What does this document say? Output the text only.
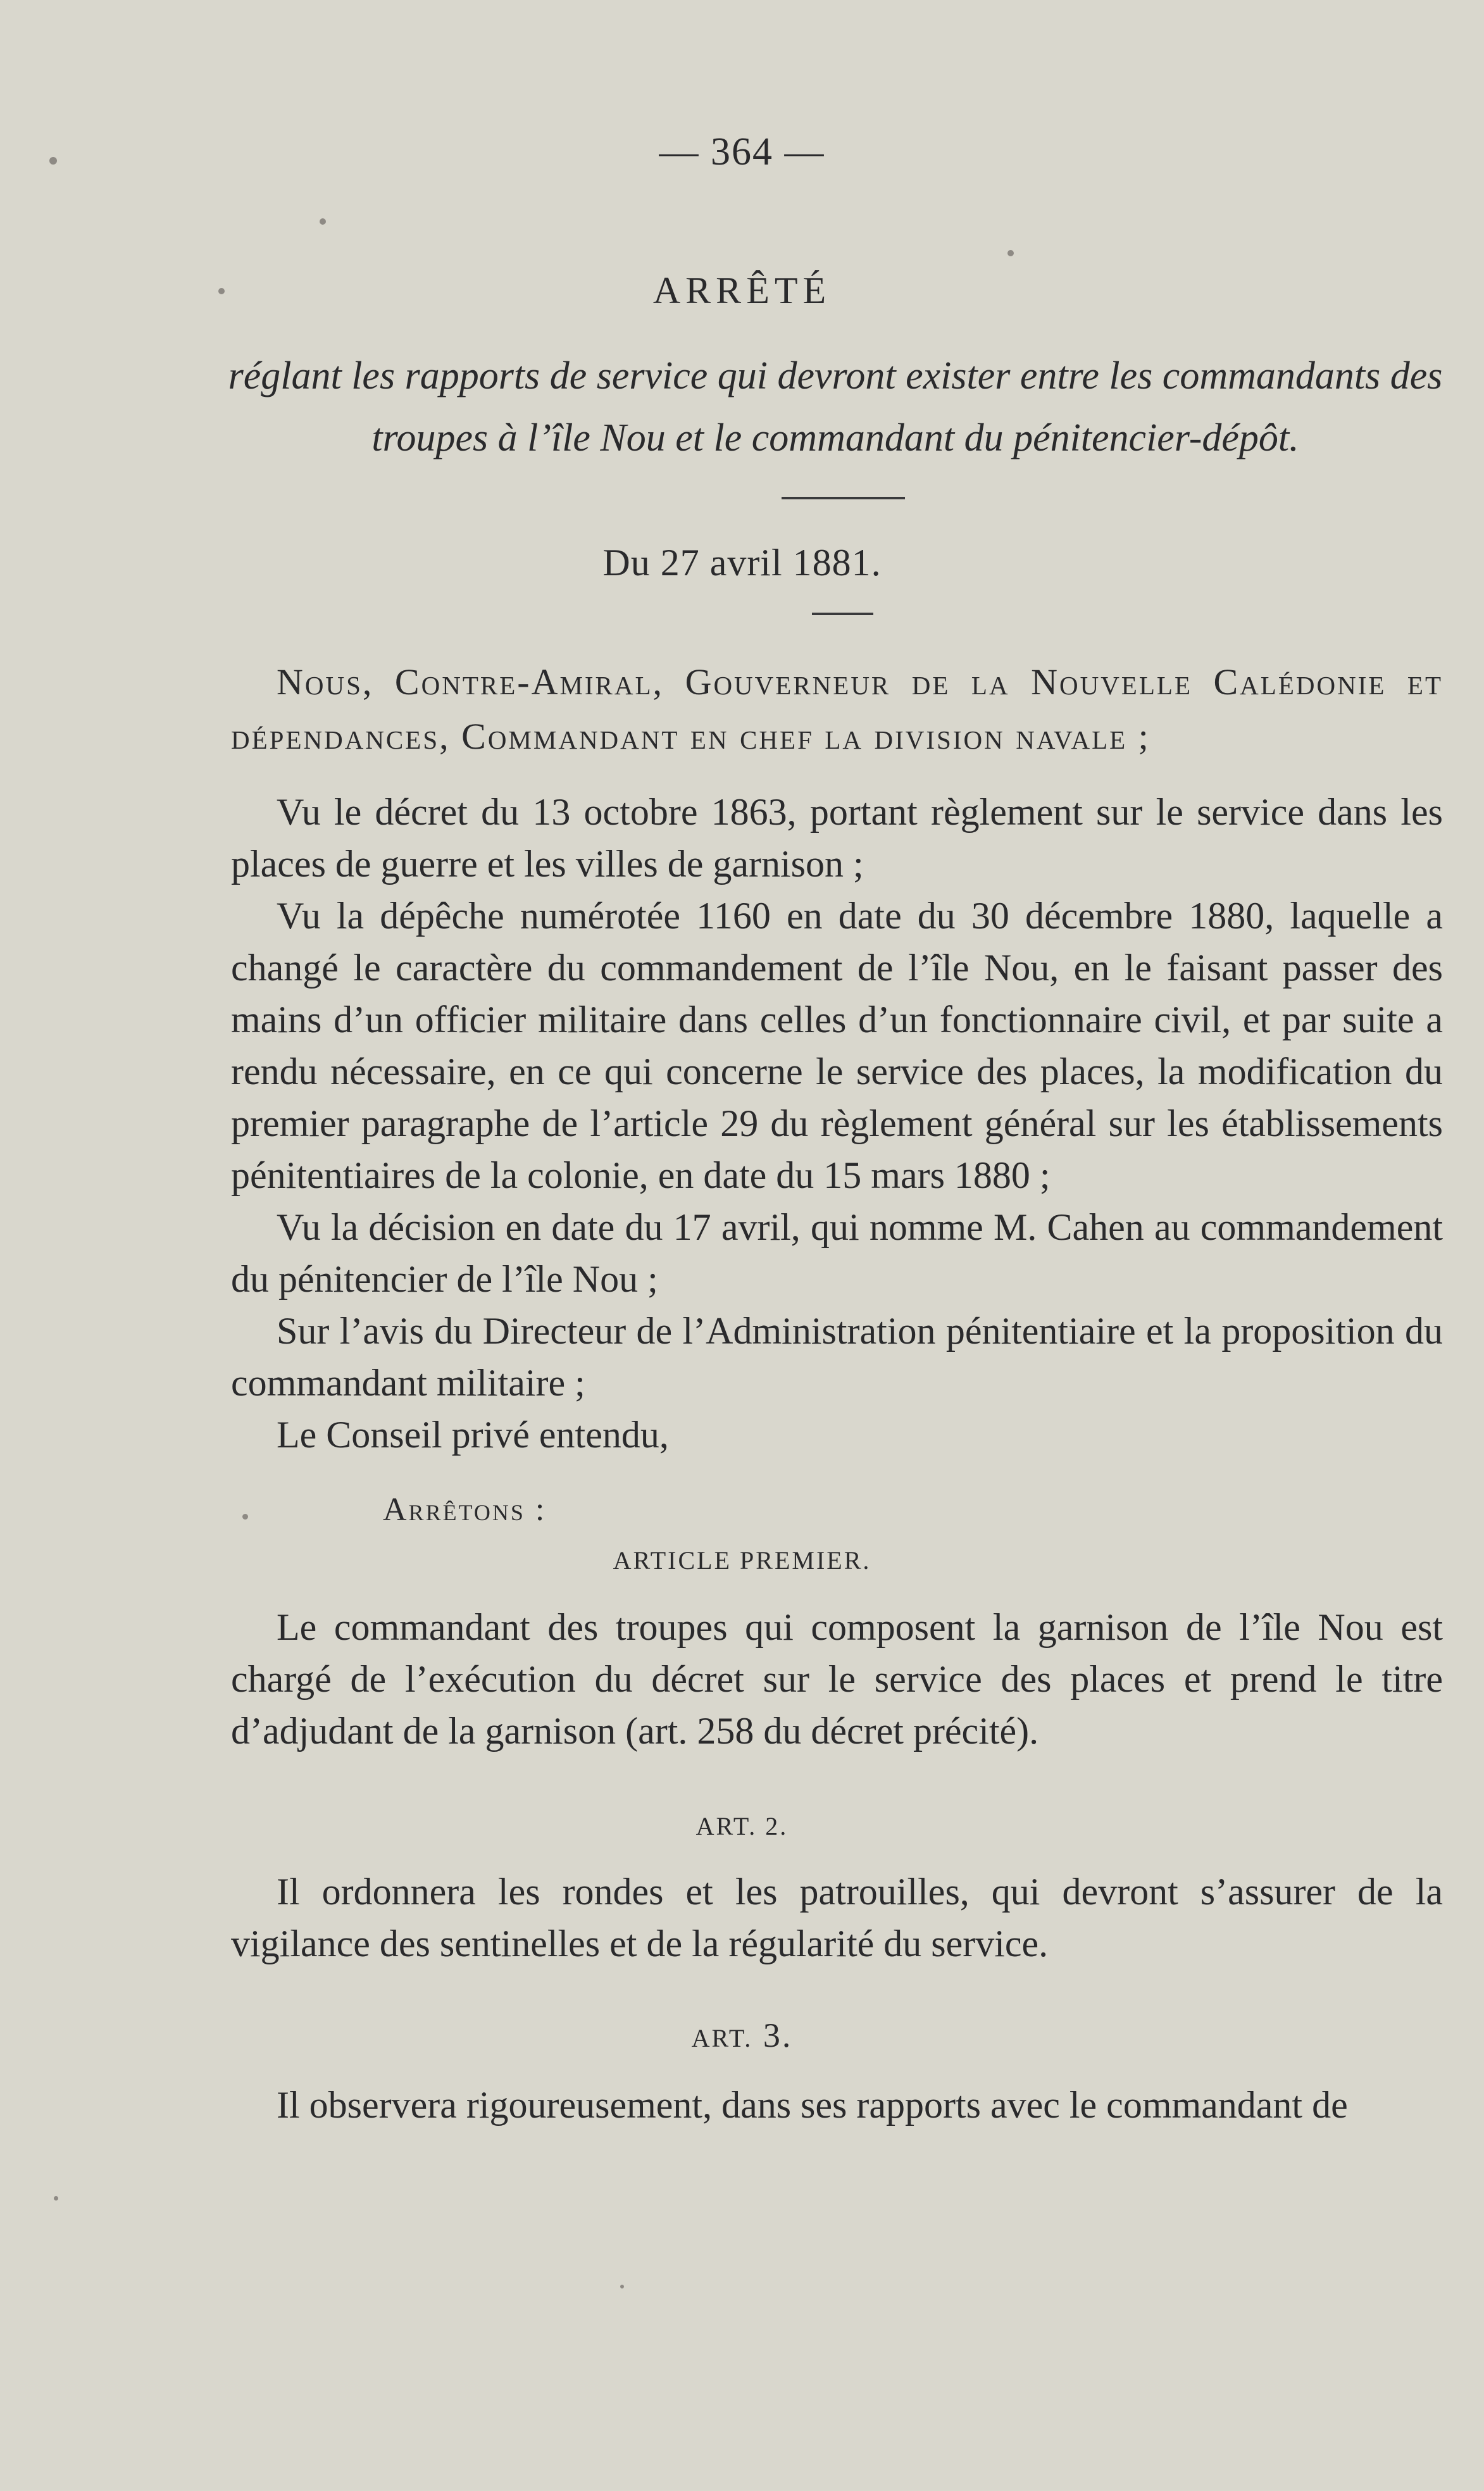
— 364 —
ARRÊTÉ
réglant les rapports de service qui devront exister entre les commandants des troupes à l’île Nou et le commandant du pénitencier-dépôt.
Du 27 avril 1881.

Nous, Contre-Amiral, Gouverneur de la Nouvelle Calédonie et dépendances, Commandant en chef la division navale ;

Vu le décret du 13 octobre 1863, portant règlement sur le service dans les places de guerre et les villes de garnison ;

Vu la dépêche numérotée 1160 en date du 30 décembre 1880, laquelle a changé le caractère du commandement de l’île Nou, en le faisant passer des mains d’un officier militaire dans celles d’un fonctionnaire civil, et par suite a rendu nécessaire, en ce qui concerne le service des places, la modification du premier paragraphe de l’article 29 du règlement général sur les établissements pénitentiaires de la colonie, en date du 15 mars 1880 ;

Vu la décision en date du 17 avril, qui nomme M. Cahen au commandement du pénitencier de l’île Nou ;

Sur l’avis du Directeur de l’Administration pénitentiaire et la proposition du commandant militaire ;

Le Conseil privé entendu,

Arrêtons :
ARTICLE PREMIER.

Le commandant des troupes qui composent la garnison de l’île Nou est chargé de l’exécution du décret sur le service des places et prend le titre d’adjudant de la garnison (art. 258 du décret précité).

ART. 2.

Il ordonnera les rondes et les patrouilles, qui devront s’assurer de la vigilance des sentinelles et de la régularité du service.

ART. 3.

Il observera rigoureusement, dans ses rapports avec le commandant de
